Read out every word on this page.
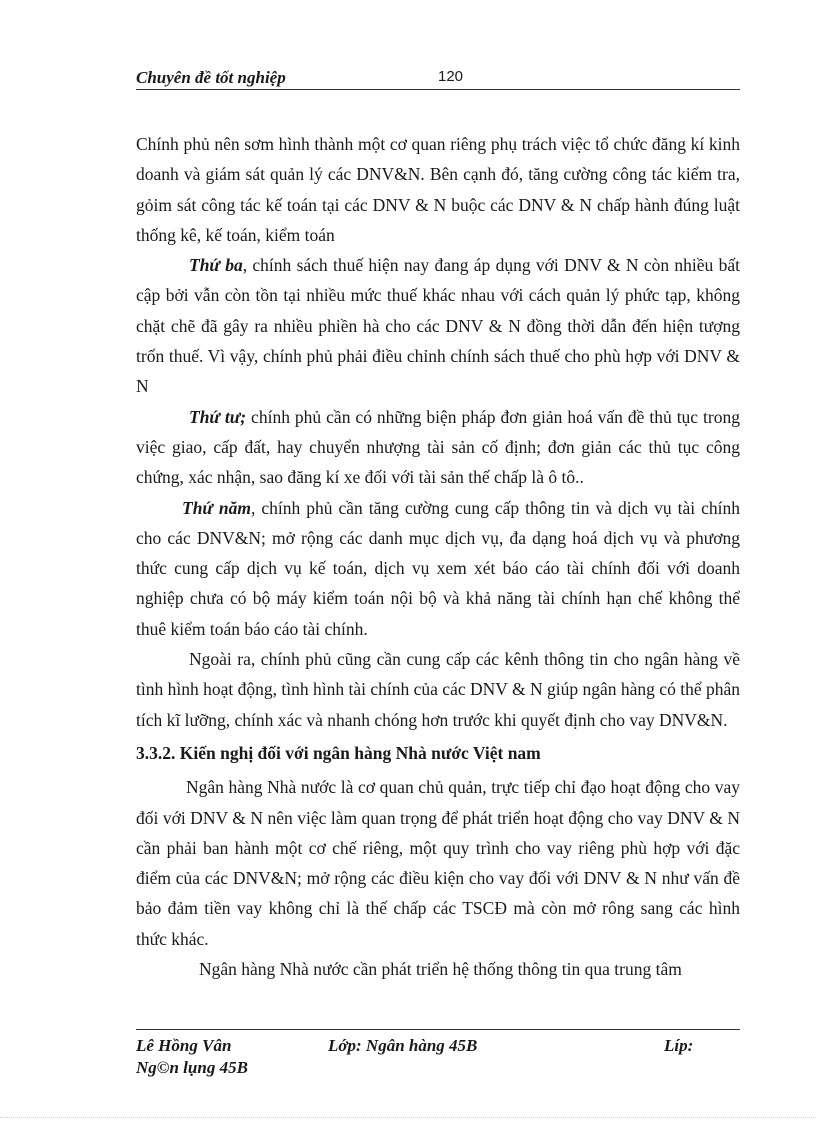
Chuyên đề tốt nghiệp	120

Chính phủ nên sơm hình thành một cơ quan riêng phụ trách việc tổ chức đăng kí kinh doanh và giám sát quản lý các DNV&N. Bên cạnh đó, tăng cường công tác kiểm tra, gỏim sát công tác kế toán tại các DNV & N buộc các DNV & N chấp hành đúng luật thống kê, kế toán, kiểm toán

Thứ ba, chính sách thuế hiện nay đang áp dụng với DNV & N còn nhiều bất cập bởi vẫn còn tồn tại nhiều mức thuế khác nhau với cách quản lý phức tạp, không chặt chẽ đã gây ra nhiều phiền hà cho các DNV & N đồng thời dẫn đến hiện tượng trốn thuế. Vì vậy, chính phủ phải điều chỉnh chính sách thuế cho phù hợp với DNV & N

Thứ tư; chính phủ cần có những biện pháp đơn giản hoá vấn đề thủ tục trong việc giao, cấp đất, hay chuyển nhượng tài sản cố định; đơn giản các thủ tục công chứng, xác nhận, sao đăng kí xe đối với tài sản thế chấp là ô tô..

Thứ năm, chính phủ cần tăng cường cung cấp thông tin và dịch vụ tài chính cho các DNV&N; mở rộng các danh mục dịch vụ, đa dạng hoá dịch vụ và phương thức cung cấp dịch vụ kế toán, dịch vụ xem xét báo cáo tài chính đối với doanh nghiệp chưa có bộ máy kiểm toán nội bộ và khả năng tài chính hạn chế không thể thuê kiểm toán báo cáo tài chính.

Ngoài ra, chính phủ cũng cần cung cấp các kênh thông tin cho ngân hàng về tình hình hoạt động, tình hình tài chính của các DNV & N giúp ngân hàng có thể phân tích kĩ lưỡng, chính xác và nhanh chóng hơn trước khi quyết định cho vay DNV&N.

3.3.2. Kiến nghị đối với ngân hàng Nhà nước Việt nam

Ngân hàng Nhà nước là cơ quan chủ quản, trực tiếp chỉ đạo hoạt động cho vay đối với DNV & N nên việc làm quan trọng để phát triển hoạt động cho vay DNV & N cần phải ban hành một cơ chế riêng, một quy trình cho vay riêng phù hợp với đặc điểm của các DNV&N; mở rộng các điều kiện cho vay đối với DNV & N như vấn đề bảo đảm tiền vay không chỉ là thế chấp các TSCĐ mà còn mở rông sang các hình thức khác.

Ngân hàng Nhà nước cần phát triển hệ thống thông tin qua trung tâm

Lê Hồng Vân	Lớp: Ngân hàng 45B	Líp:
Ng©n lụng 45B
